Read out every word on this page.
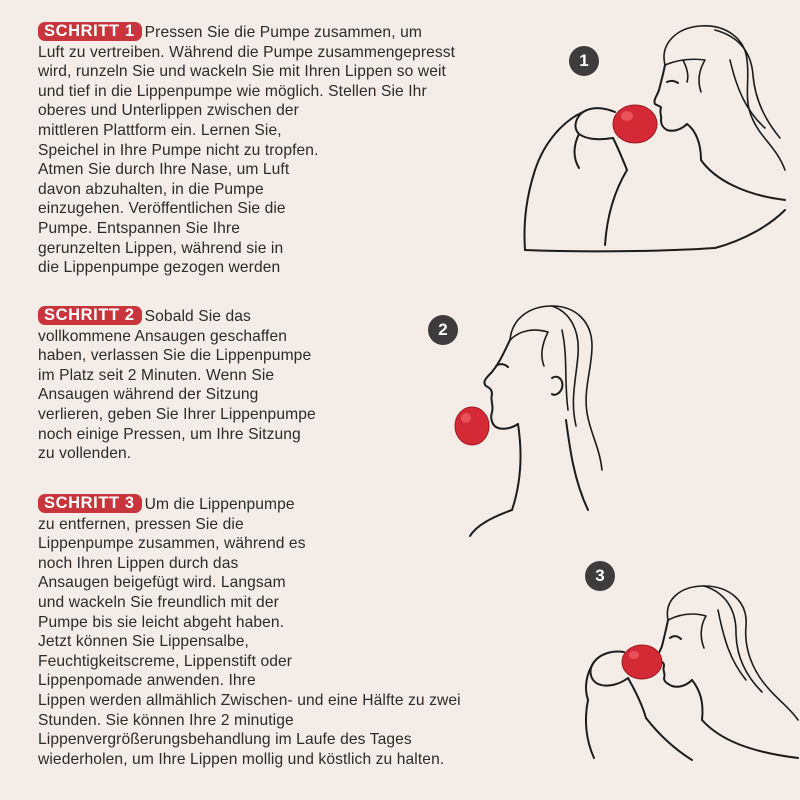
SCHRITT 1 Pressen Sie die Pumpe zusammen, um
Luft zu vertreiben. Während die Pumpe zusammengepresst
wird, runzeln Sie und wackeln Sie mit Ihren Lippen so weit
und tief in die Lippenpumpe wie möglich. Stellen Sie Ihr
oberes und Unterlippen zwischen der
mittleren Plattform ein. Lernen Sie,
Speichel in Ihre Pumpe nicht zu tropfen.
Atmen Sie durch Ihre Nase, um Luft
davon abzuhalten, in die Pumpe
einzugehen. Veröffentlichen Sie die
Pumpe. Entspannen Sie Ihre
gerunzelten Lippen, während sie in
die Lippenpumpe gezogen werden
SCHRITT 2 Sobald Sie das
vollkommene Ansaugen geschaffen
haben, verlassen Sie die Lippenpumpe
im Platz seit 2 Minuten. Wenn Sie
Ansaugen während der Sitzung
verlieren, geben Sie Ihrer Lippenpumpe
noch einige Pressen, um Ihre Sitzung
zu vollenden.
SCHRITT 3 Um die Lippenpumpe
zu entfernen, pressen Sie die
Lippenpumpe zusammen, während es
noch Ihren Lippen durch das
Ansaugen beigefügt wird. Langsam
und wackeln Sie freundlich mit der
Pumpe bis sie leicht abgeht haben.
Jetzt können Sie Lippensalbe,
Feuchtigkeitscreme, Lippenstift oder
Lippenpomade anwenden. Ihre
Lippen werden allmählich Zwischen- und eine Hälfte zu zwei
Stunden. Sie können Ihre 2 minutige
Lippenvergrößerungsbehandlung im Laufe des Tages
wiederholen, um Ihre Lippen mollig und köstlich zu halten.
1
2
3
